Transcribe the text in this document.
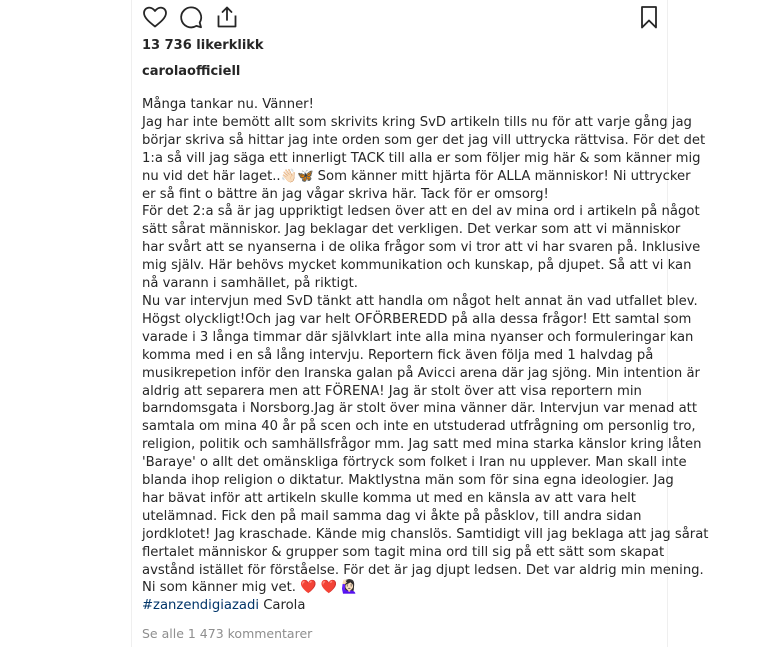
13 736 likerklikk
carolaofficiell

Många tankar nu. Vänner!

Jag har inte bemött allt som skrivits kring SvD artikeln tills nu för att varje gång jag

börjar skriva så hittar jag inte orden som ger det jag vill uttrycka rättvisa. För det det

1:a så vill jag säga ett innerligt TACK till alla er som följer mig här & som känner mig

nu vid det här laget..👋🏻🦋 Som känner mitt hjärta för ALLA människor! Ni uttrycker

er så fint o bättre än jag vågar skriva här. Tack för er omsorg!

För det 2:a så är jag uppriktigt ledsen över att en del av mina ord i artikeln på något

sätt sårat människor. Jag beklagar det verkligen. Det verkar som att vi människor

har svårt att se nyanserna i de olika frågor som vi tror att vi har svaren på. Inklusive

mig själv. Här behövs mycket kommunikation och kunskap, på djupet. Så att vi kan

nå varann i samhället, på riktigt.

Nu var intervjun med SvD tänkt att handla om något helt annat än vad utfallet blev.

Högst olyckligt!Och jag var helt OFÖRBEREDD på alla dessa frågor! Ett samtal som

varade i 3 långa timmar där självklart inte alla mina nyanser och formuleringar kan

komma med i en så lång intervju. Reportern fick även följa med 1 halvdag på

musikrepetion inför den Iranska galan på Avicci arena där jag sjöng. Min intention är

aldrig att separera men att FÖRENA! Jag är stolt över att visa reportern min

barndomsgata i Norsborg.Jag är stolt över mina vänner där. Intervjun var menad att

samtala om mina 40 år på scen och inte en utstuderad utfrågning om personlig tro,

religion, politik och samhällsfrågor mm. Jag satt med mina starka känslor kring låten

'Baraye' o allt det omänskliga förtryck som folket i Iran nu upplever. Man skall inte

blanda ihop religion o diktatur. Maktlystna män som för sina egna ideologier. Jag

har bävat inför att artikeln skulle komma ut med en känsla av att vara helt

utelämnad. Fick den på mail samma dag vi åkte på påsklov, till andra sidan

jordklotet! Jag kraschade. Kände mig chanslös. Samtidigt vill jag beklaga att jag sårat

flertalet människor & grupper som tagit mina ord till sig på ett sätt som skapat

avstånd istället för förståelse. För det är jag djupt ledsen. Det var aldrig min mening.

Ni som känner mig vet. ❤️ ❤️ 🙋🏻‍♀️

#zanzendigiazadi Carola

Se alle 1 473 kommentarer
